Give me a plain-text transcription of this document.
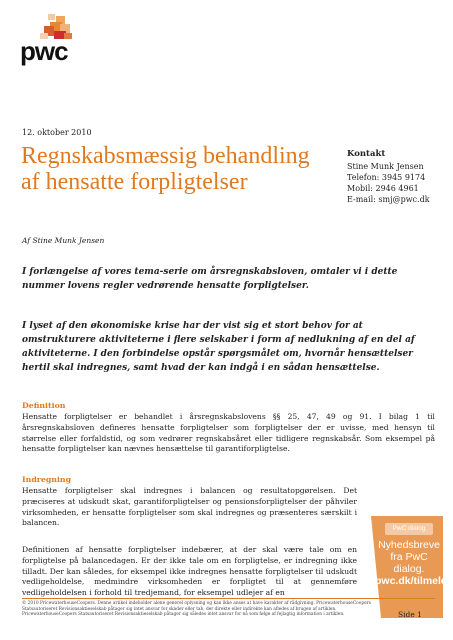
pwc
12. oktober 2010
Regnskabsmæssig behandling af hensatte forpligtelser
Kontakt
Stine Munk Jensen
Telefon: 3945 9174
Mobil: 2946 4961
E-mail: smj@pwc.dk
Af Stine Munk Jensen

I forlængelse af vores tema-serie om årsregnskabsloven, omtaler vi i dette nummer lovens regler vedrørende hensatte forpligtelser.

I lyset af den økonomiske krise har der vist sig et stort behov for at omstrukturere aktiviteterne i flere selskaber i form af nedlukning af en del af aktiviteterne. I den forbindelse opstår spørgsmålet om, hvornår hensættelser hertil skal indregnes, samt hvad der kan indgå i en sådan hensættelse.

Definition

Hensatte forpligtelser er behandlet i årsregnskabslovens §§ 25, 47, 49 og 91. I bilag 1 til årsregnskabsloven defineres hensatte forpligtelser som forpligtelser der er uvisse, med hensyn til størrelse eller forfaldstid, og som vedrører regnskabsåret eller tidligere regnskabsår. Som eksempel på hensatte forpligtelser kan nævnes hensættelse til garantiforpligtelse.

Indregning

Hensatte forpligtelser skal indregnes i balancen og resultatopgørelsen. Det præciseres at udskudt skat, garantiforpligtelser og pensionsforpligtelser der påhviler virksomheden, er hensatte forpligtelser som skal indregnes og præsenteres særskilt i balancen.

Definitionen af hensatte forpligtelser indebærer, at der skal være tale om en forpligtelse på balancedagen. Er der ikke tale om en forpligtelse, er indregning ikke tilladt. Der kan således, for eksempel ikke indregnes hensatte forpligtelser til udskudt vedligeholdelse, medmindre virksomheden er forpligtet til at gennemføre vedligeholdelsen i forhold til tredjemand, for eksempel udlejer af en

PwC dialog

Nyhedsbreve
fra PwC dialog.
pwc.dk/tilmeld

© 2010 PricewaterhouseCoopers. Denne artikel indeholder alene generel oplysning og kan ikke anses at have karakter af rådgivning. PricewaterhouseCoopers Statsautoriseret Revisionsaktieselskab påtager sig intet ansvar for skader eller tab, der direkte eller indirekte kan afledes af brugen af artiklen. PricewaterhouseCoopers Statsautoriseret Revisionsaktieselskab påtager sig således intet ansvar for nå som følge af fejlagtig information i artiklen.	Side 1
